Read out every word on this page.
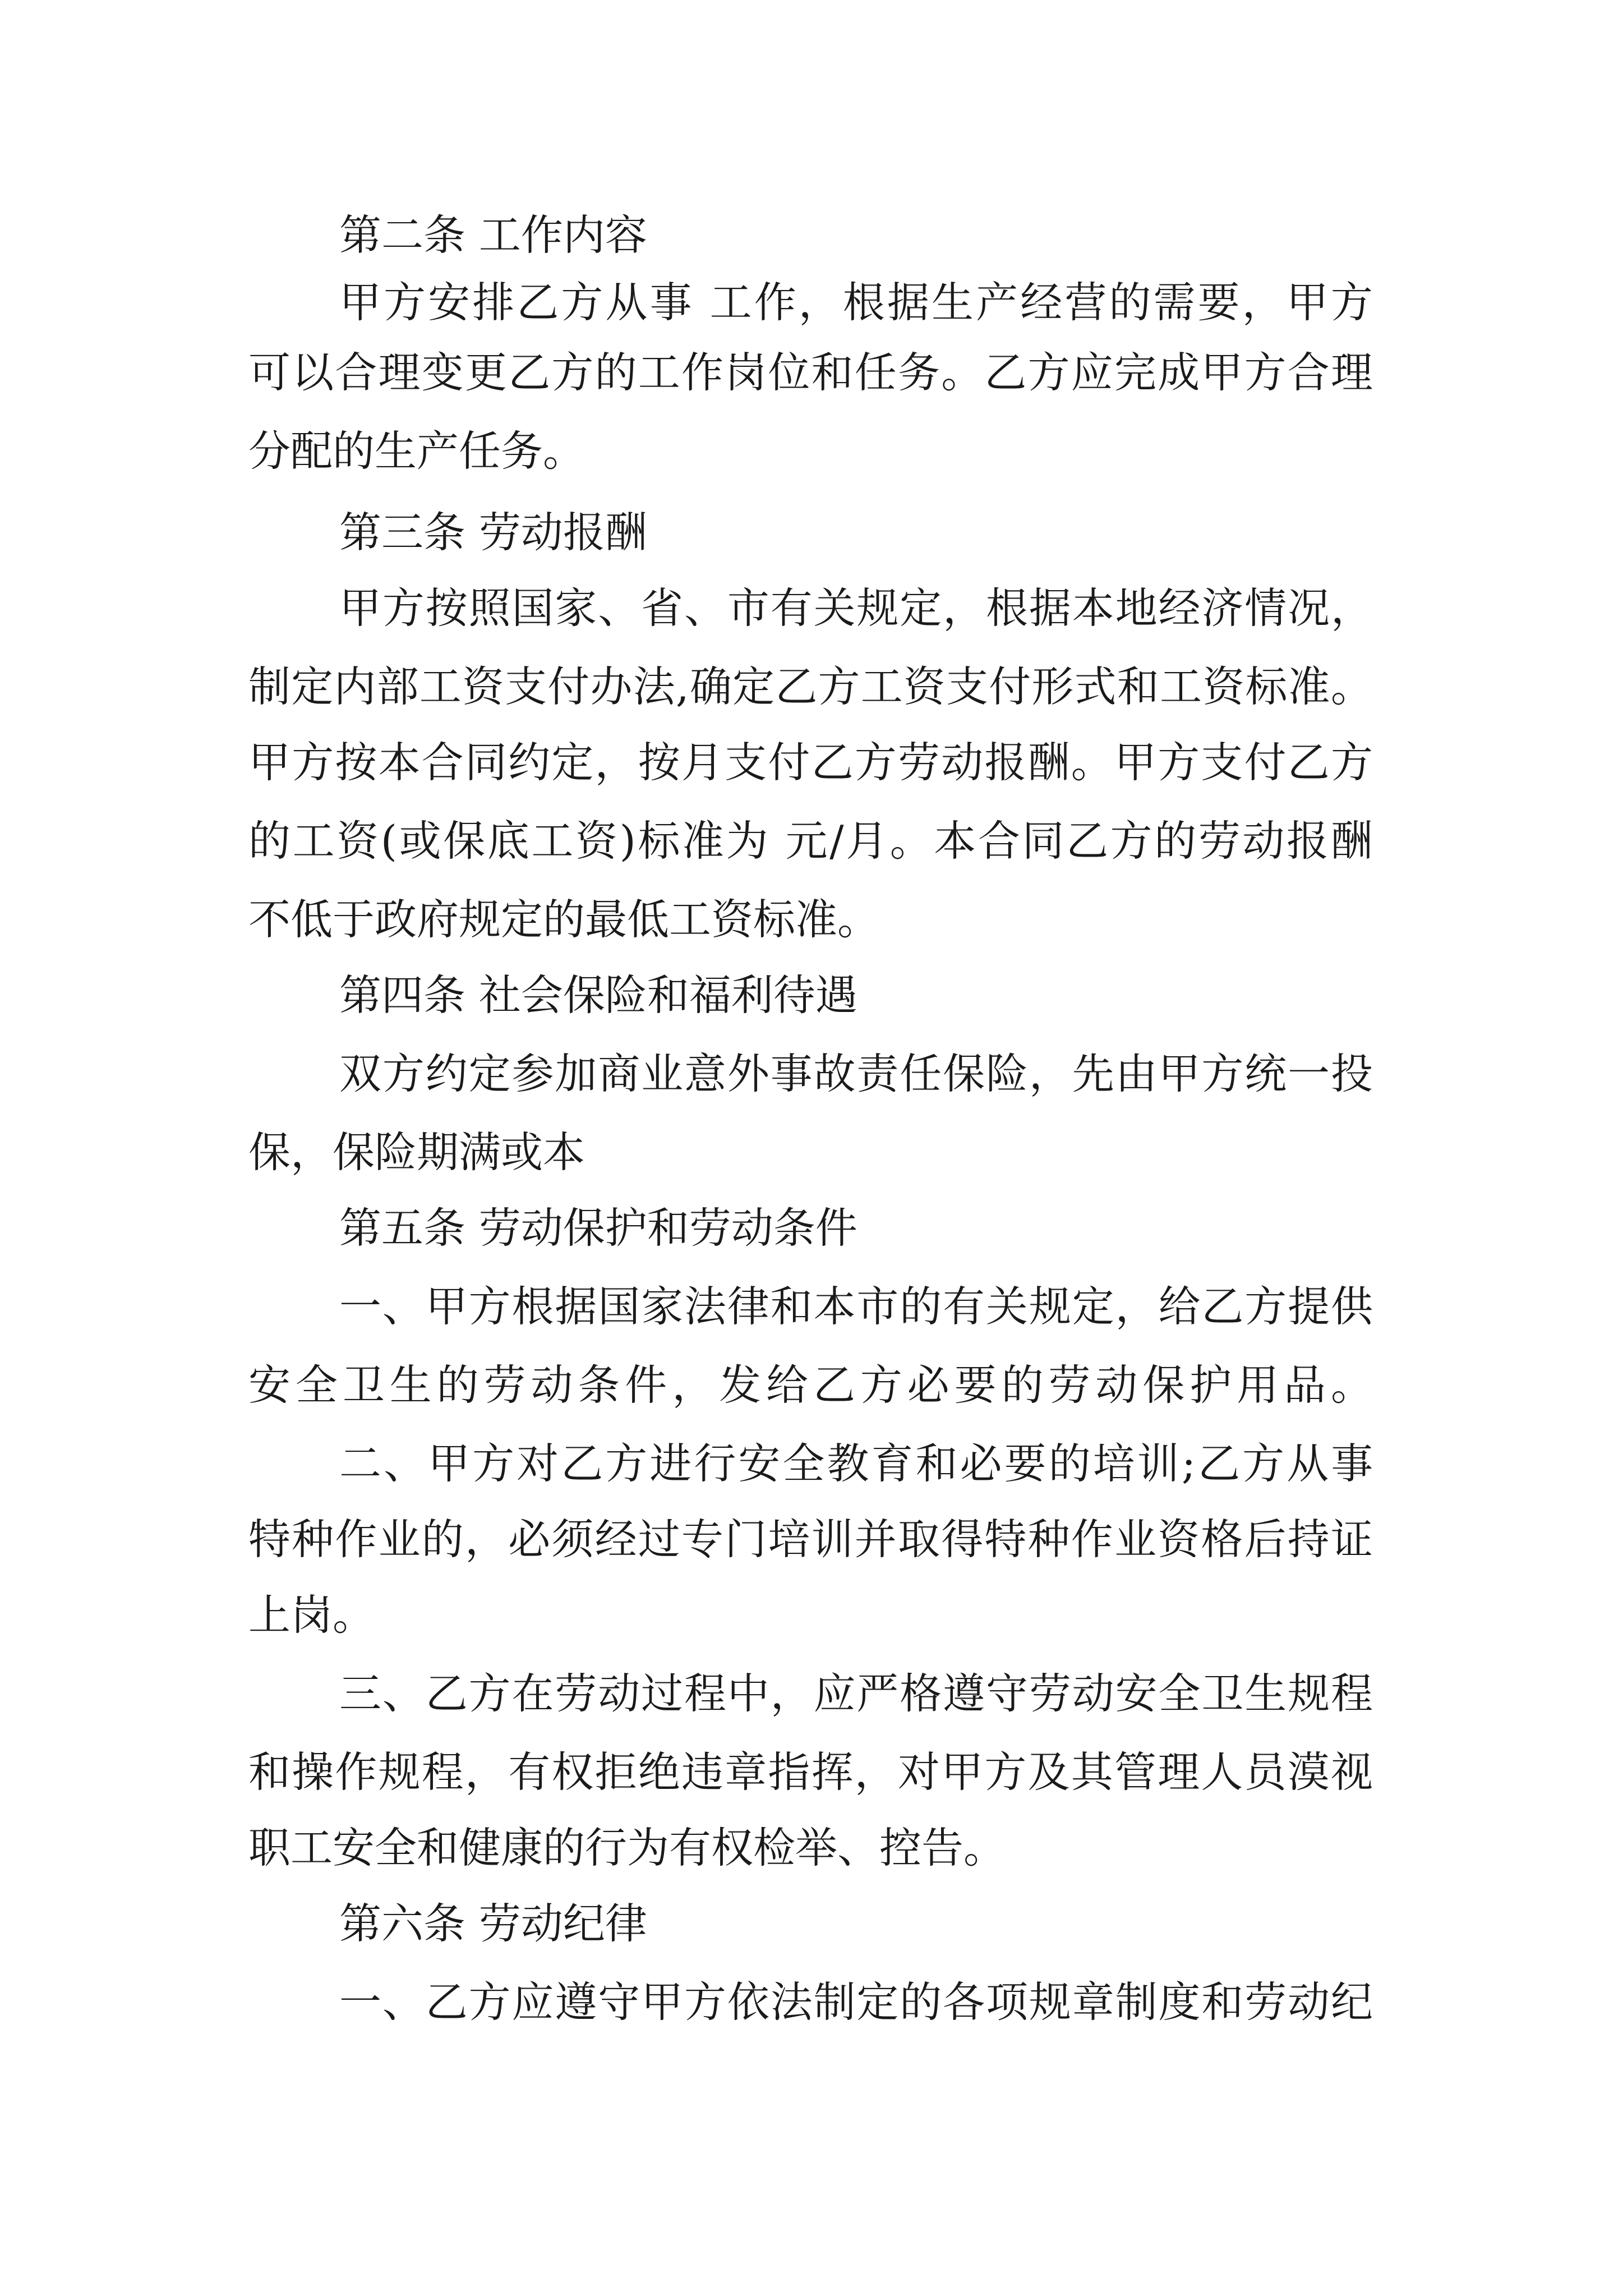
第二条 工作内容

甲方安排乙方从事 工作，根据生产经营的需要，甲方

可以合理变更乙方的工作岗位和任务。乙方应完成甲方合理

分配的生产任务。

第三条 劳动报酬

甲方按照国家、省、市有关规定，根据本地经济情况，

制定内部工资支付办法,确定乙方工资支付形式和工资标准。

甲方按本合同约定，按月支付乙方劳动报酬。甲方支付乙方

的工资(或保底工资)标准为 元/月。本合同乙方的劳动报酬

不低于政府规定的最低工资标准。

第四条 社会保险和福利待遇

双方约定参加商业意外事故责任保险，先由甲方统一投

保，保险期满或本

第五条 劳动保护和劳动条件

一、甲方根据国家法律和本市的有关规定，给乙方提供

安全卫生的劳动条件，发给乙方必要的劳动保护用品。

二、甲方对乙方进行安全教育和必要的培训;乙方从事

特种作业的，必须经过专门培训并取得特种作业资格后持证

上岗。

三、乙方在劳动过程中，应严格遵守劳动安全卫生规程

和操作规程，有权拒绝违章指挥，对甲方及其管理人员漠视

职工安全和健康的行为有权检举、控告。

第六条 劳动纪律

一、乙方应遵守甲方依法制定的各项规章制度和劳动纪
